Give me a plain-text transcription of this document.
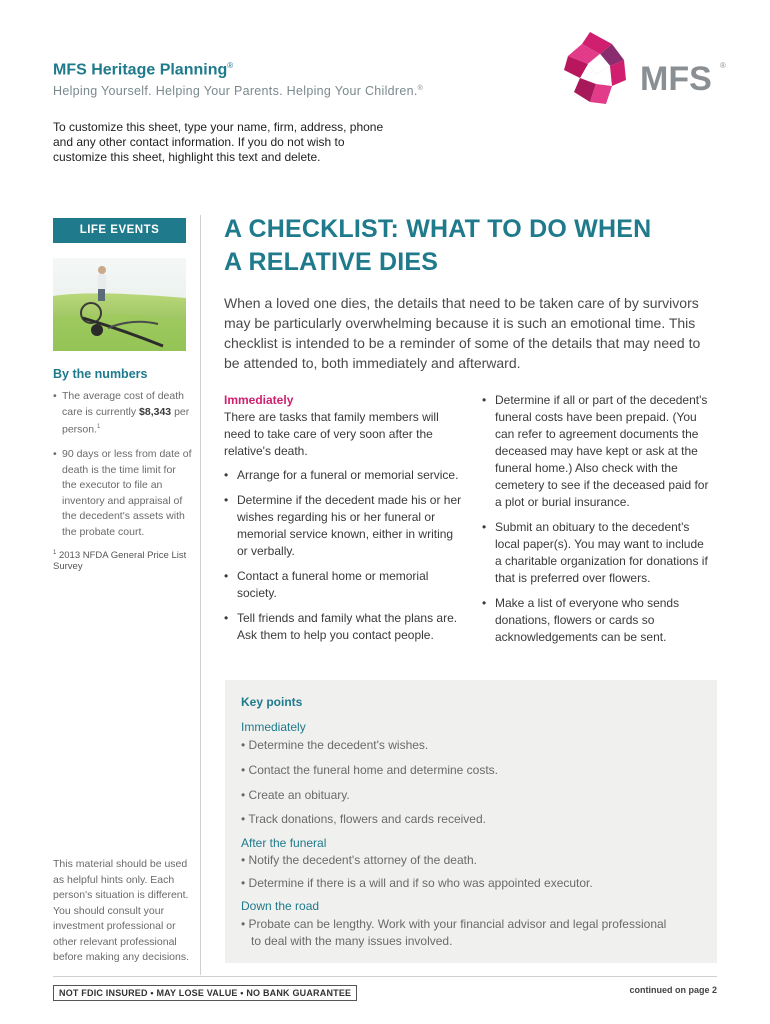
MFS Heritage Planning®
Helping Yourself. Helping Your Parents. Helping Your Children.®	MFS ®
To customize this sheet, type your name, firm, address, phone and any other contact information. If you do not wish to customize this sheet, highlight this text and delete.
LIFE EVENTS
By the numbers
• The average cost of death care is currently $8,343 per person.$^1$
• 90 days or less from date of death is the time limit for the executor to file an inventory and appraisal of the decedent's assets with the probate court.
$^1$ 2013 NFDA General Price List Survey
A CHECKLIST: WHAT TO DO WHEN
A RELATIVE DIES
When a loved one dies, the details that need to be taken care of by survivors may be particularly overwhelming because it is such an emotional time. This checklist is intended to be a reminder of some of the details that may need to be attended to, both immediately and afterward.
Immediately
There are tasks that family members will need to take care of very soon after the relative's death.
• Arrange for a funeral or memorial service.
• Determine if the decedent made his or her wishes regarding his or her funeral or memorial service known, either in writing or verbally.
• Contact a funeral home or memorial society.
• Tell friends and family what the plans are. Ask them to help you contact people.
• Determine if all or part of the decedent's funeral costs have been prepaid. (You can refer to agreement documents the deceased may have kept or ask at the funeral home.) Also check with the cemetery to see if the deceased paid for a plot or burial insurance.
• Submit an obituary to the decedent's local paper(s). You may want to include a charitable organization for donations if that is preferred over flowers.
• Make a list of everyone who sends donations, flowers or cards so acknowledgements can be sent.
Key points
Immediately
• Determine the decedent's wishes.
• Contact the funeral home and determine costs.
• Create an obituary.
• Track donations, flowers and cards received.
After the funeral
• Notify the decedent's attorney of the death.
• Determine if there is a will and if so who was appointed executor.
Down the road
• Probate can be lengthy. Work with your financial advisor and legal professional
to deal with the many issues involved.
This material should be used as helpful hints only. Each person's situation is different. You should consult your investment professional or other relevant professional before making any decisions.
NOT FDIC INSURED • MAY LOSE VALUE • NO BANK GUARANTEE	continued on page 2
